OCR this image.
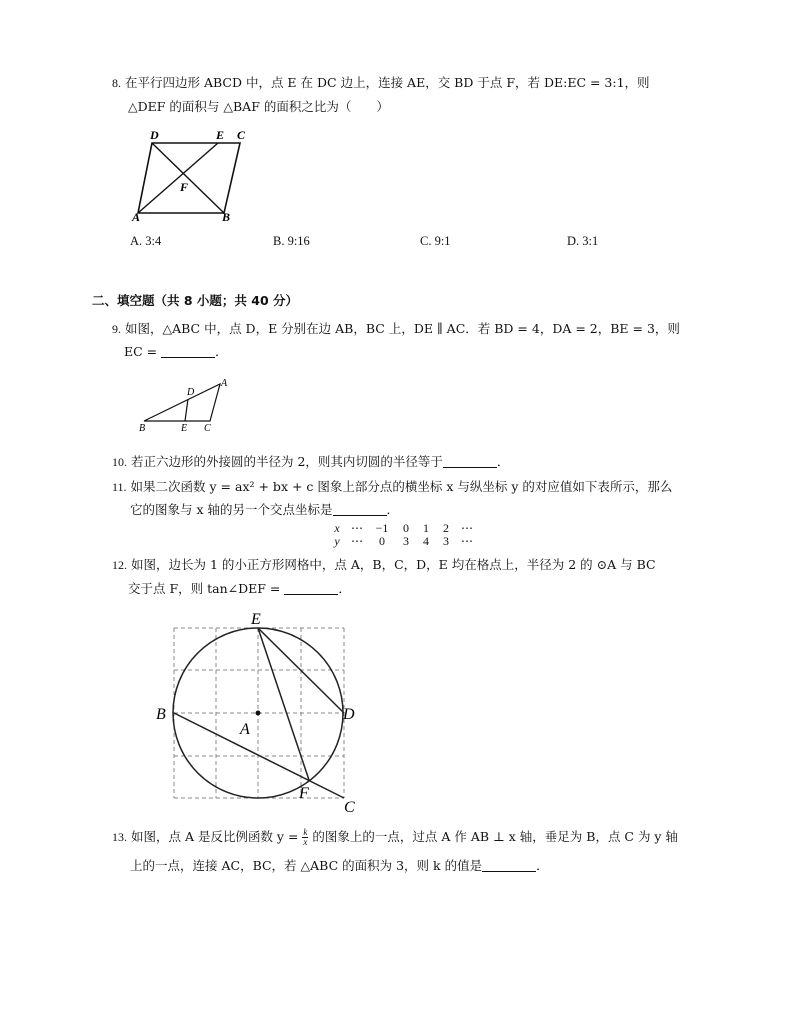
8. 在平行四边形 ABCD 中，点 E 在 DC 边上，连接 AE，交 BD 于点 F，若 DE:EC = 3:1，则
△DEF 的面积与 △BAF 的面积之比为（　　）
D	E C
F
A	B
A. 3:4	B. 9:16	C. 9:1	D. 3:1
二、填空题（共 8 小题；共 40 分）
9. 如图，△ABC 中，点 D，E 分别在边 AB，BC 上，DE ∥ AC．若 BD = 4，DA = 2，BE = 3，则
EC =	．
A
D
B	E C
10. 若正六边形的外接圆的半径为 2，则其内切圆的半径等于	．
11. 如果二次函数 y = ax² + bx + c 图象上部分点的横坐标 x 与纵坐标 y 的对应值如下表所示，那么
它的图象与 x 轴的另一个交点坐标是	．
x ⋯ −1 0 1 2 ⋯
y ⋯ 0 3 4 3 ⋯
12. 如图，边长为 1 的小正方形网格中，点 A，B，C，D，E 均在格点上，半径为 2 的 ⊙A 与 BC
交于点 F，则 tan∠DEF =	．
E
B
A
D
F
C
13. 如图，点 A 是反比例函数 $y = \frac{k}{x}$ 的图象上的一点，过点 A 作 AB ⊥ x 轴，垂足为 B，点 C 为 y 轴
上的一点，连接 AC，BC，若 △ABC 的面积为 3，则 k 的值是	．
